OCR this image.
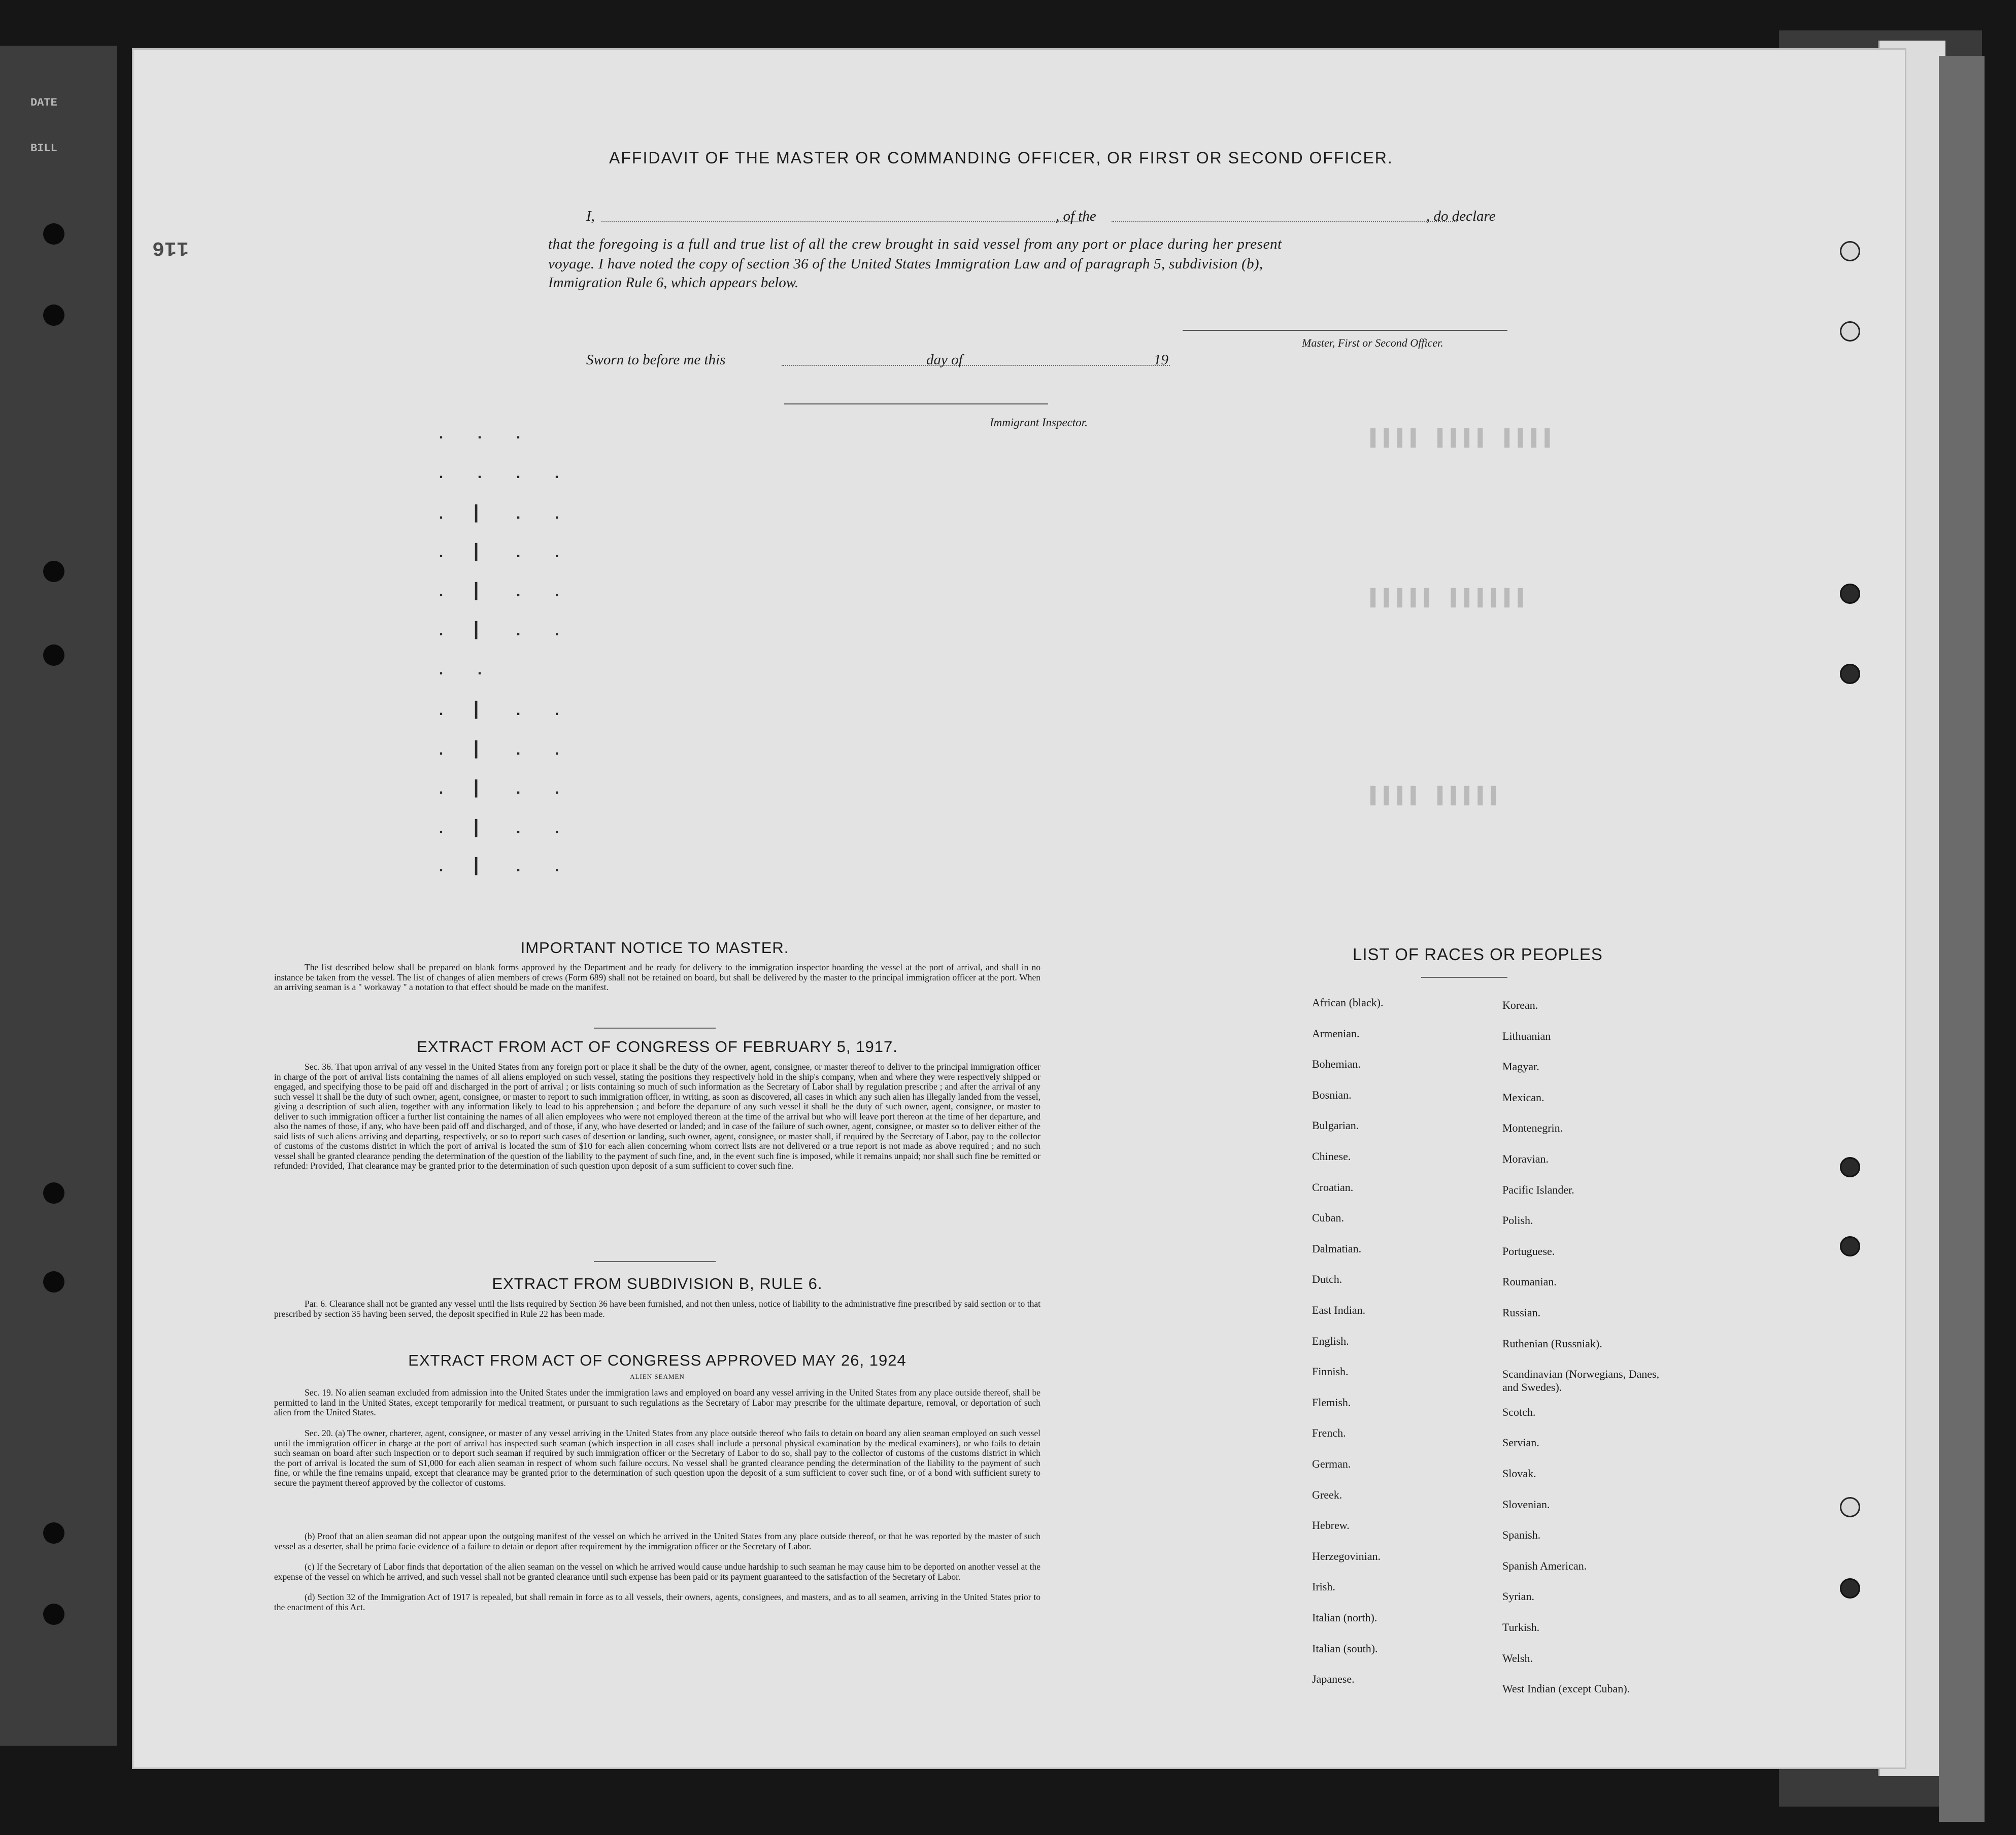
DATE
BILL
116
▌▌▌▌ ▌▌▌▌ ▌▌▌▌
▌▌▌▌▌ ▌▌▌▌▌▌
▌▌▌▌ ▌▌▌▌▌
AFFIDAVIT OF THE MASTER OR COMMANDING OFFICER, OR FIRST OR SECOND OFFICER.
I,	, of the	, do declare
that the foregoing is a full and true list of all the crew brought in said vessel from any port or place during her present
voyage. I have noted the copy of section 36 of the United States Immigration Law and of paragraph 5, subdivision (b),
Immigration Rule 6, which appears below.
Master, First or Second Officer.
Sworn to before me this	day of	19
Immigrant Inspector.
. . .
. . . .
. ▎ . .
. ▎ . .
. ▎ . .
. ▎ . .
. .
. ▎ . .
. ▎ . .
. ▎ . .
. ▎ . .
. ▎ . .
IMPORTANT NOTICE TO MASTER.

The list described below shall be prepared on blank forms approved by the Department and be ready for delivery to the immigration inspector boarding the vessel at the port of arrival, and shall in no instance be taken from the vessel. The list of changes of alien members of crews (Form 689) shall not be retained on board, but shall be delivered by the master to the principal immigration officer at the port. When an arriving seaman is a " workaway " a notation to that effect should be made on the manifest.

EXTRACT FROM ACT OF CONGRESS OF FEBRUARY 5, 1917.

Sec. 36. That upon arrival of any vessel in the United States from any foreign port or place it shall be the duty of the owner, agent, consignee, or master thereof to deliver to the principal immigration officer in charge of the port of arrival lists containing the names of all aliens employed on such vessel, stating the positions they respectively hold in the ship's company, when and where they were respectively shipped or engaged, and specifying those to be paid off and discharged in the port of arrival ; or lists containing so much of such information as the Secretary of Labor shall by regulation prescribe ; and after the arrival of any such vessel it shall be the duty of such owner, agent, consignee, or master to report to such immigration officer, in writing, as soon as discovered, all cases in which any such alien has illegally landed from the vessel, giving a description of such alien, together with any information likely to lead to his apprehension ; and before the departure of any such vessel it shall be the duty of such owner, agent, consignee, or master to deliver to such immigration officer a further list containing the names of all alien employees who were not employed thereon at the time of the arrival but who will leave port thereon at the time of her departure, and also the names of those, if any, who have been paid off and discharged, and of those, if any, who have deserted or landed; and in case of the failure of such owner, agent, consignee, or master so to deliver either of the said lists of such aliens arriving and departing, respectively, or so to report such cases of desertion or landing, such owner, agent, consignee, or master shall, if required by the Secretary of Labor, pay to the collector of customs of the customs district in which the port of arrival is located the sum of $10 for each alien concerning whom correct lists are not delivered or a true report is not made as above required ; and no such vessel shall be granted clearance pending the determination of the question of the liability to the payment of such fine, and, in the event such fine is imposed, while it remains unpaid; nor shall such fine be remitted or refunded: Provided, That clearance may be granted prior to the determination of such question upon deposit of a sum sufficient to cover such fine.

EXTRACT FROM SUBDIVISION B, RULE 6.

Par. 6. Clearance shall not be granted any vessel until the lists required by Section 36 have been furnished, and not then unless, notice of liability to the administrative fine prescribed by said section or to that prescribed by section 35 having been served, the deposit specified in Rule 22 has been made.

EXTRACT FROM ACT OF CONGRESS APPROVED MAY 26, 1924
ALIEN SEAMEN

Sec. 19. No alien seaman excluded from admission into the United States under the immigration laws and employed on board any vessel arriving in the United States from any place outside thereof, shall be permitted to land in the United States, except temporarily for medical treatment, or pursuant to such regulations as the Secretary of Labor may prescribe for the ultimate departure, removal, or deportation of such alien from the United States.

Sec. 20. (a) The owner, charterer, agent, consignee, or master of any vessel arriving in the United States from any place outside thereof who fails to detain on board any alien seaman employed on such vessel until the immigration officer in charge at the port of arrival has inspected such seaman (which inspection in all cases shall include a personal physical examination by the medical examiners), or who fails to detain such seaman on board after such inspection or to deport such seaman if required by such immigration officer or the Secretary of Labor to do so, shall pay to the collector of customs of the customs district in which the port of arrival is located the sum of $1,000 for each alien seaman in respect of whom such failure occurs. No vessel shall be granted clearance pending the determination of the liability to the payment of such fine, or while the fine remains unpaid, except that clearance may be granted prior to the determination of such question upon the deposit of a sum sufficient to cover such fine, or of a bond with sufficient surety to secure the payment thereof approved by the collector of customs.

(b) Proof that an alien seaman did not appear upon the outgoing manifest of the vessel on which he arrived in the United States from any place outside thereof, or that he was reported by the master of such vessel as a deserter, shall be prima facie evidence of a failure to detain or deport after requirement by the immigration officer or the Secretary of Labor.

(c) If the Secretary of Labor finds that deportation of the alien seaman on the vessel on which he arrived would cause undue hardship to such seaman he may cause him to be deported on another vessel at the expense of the vessel on which he arrived, and such vessel shall not be granted clearance until such expense has been paid or its payment guaranteed to the satisfaction of the Secretary of Labor.

(d) Section 32 of the Immigration Act of 1917 is repealed, but shall remain in force as to all vessels, their owners, agents, consignees, and masters, and as to all seamen, arriving in the United States prior to the enactment of this Act.

LIST OF RACES OR PEOPLES
African (black).
Armenian.
Bohemian.
Bosnian.
Bulgarian.
Chinese.
Croatian.
Cuban.
Dalmatian.
Dutch.
East Indian.
English.
Finnish.
Flemish.
French.
German.
Greek.
Hebrew.
Herzegovinian.
Irish.
Italian (north).
Italian (south).
Japanese.
Korean.
Lithuanian
Magyar.
Mexican.
Montenegrin.
Moravian.
Pacific Islander.
Polish.
Portuguese.
Roumanian.
Russian.
Ruthenian (Russniak).
Scandinavian (Norwegians, Danes, and Swedes).
Scotch.
Servian.
Slovak.
Slovenian.
Spanish.
Spanish American.
Syrian.
Turkish.
Welsh.
West Indian (except Cuban).
